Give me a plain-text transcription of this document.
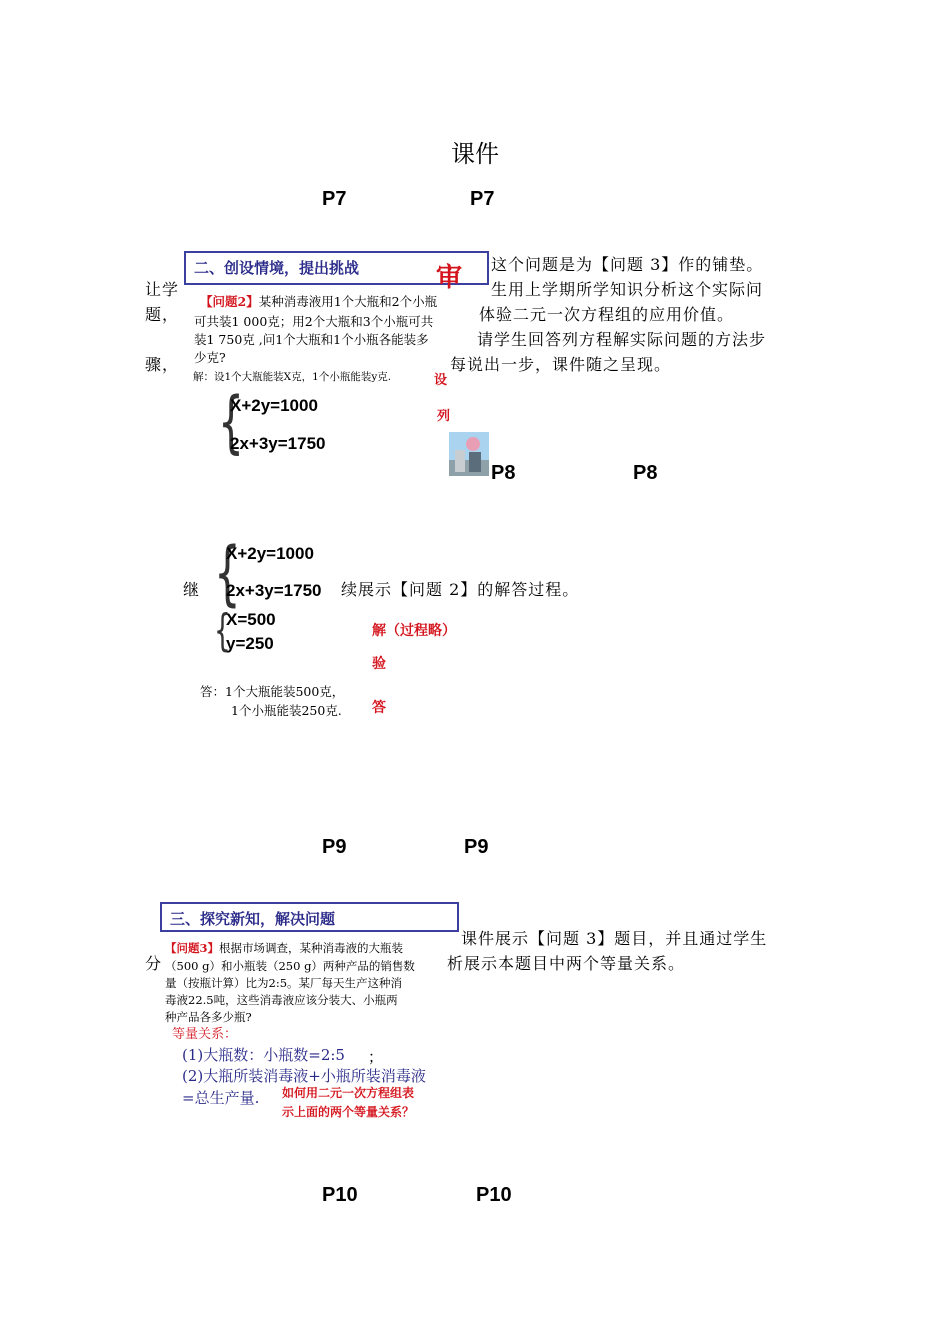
课件
P7	P7
二、创设情境，提出挑战	审
让学
题，
骤，
【问题2】某种消毒液用1个大瓶和2个小瓶
可共装1 000克；用2个大瓶和3个小瓶可共
装1 750克 ,问1个大瓶和1个小瓶各能装多
少克?
解：设1个大瓶能装X克，1个小瓶能装y克.	设
列
{
X+2y=1000
2x+3y=1750
这个问题是为【问题 3】作的铺垫。
生用上学期所学知识分析这个实际问
体验二元一次方程组的应用价值。
请学生回答列方程解实际问题的方法步
每说出一步，课件随之呈现。
P8	P8
{
X+2y=1000
2x+3y=1750
继	续展示【问题 2】的解答过程。
{
X=500
y=250
解（过程略）
验
答
答：1个大瓶能装500克，
1个小瓶能装250克.
P9	P9
三、探究新知，解决问题
课件展示【问题 3】题目，并且通过学生
分	析展示本题目中两个等量关系。
【问题3】根据市场调查，某种消毒液的大瓶装
（500 g）和小瓶装（250 g）两种产品的销售数
量（按瓶计算）比为2:5。某厂每天生产这种消
毒液22.5吨，这些消毒液应该分装大、小瓶两
种产品各多少瓶?
等量关系：
(1)大瓶数：小瓶数=2:5 ；
(2)大瓶所装消毒液+小瓶所装消毒液
=总生产量. 如何用二元一次方程组表
示上面的两个等量关系？
P10	P10
